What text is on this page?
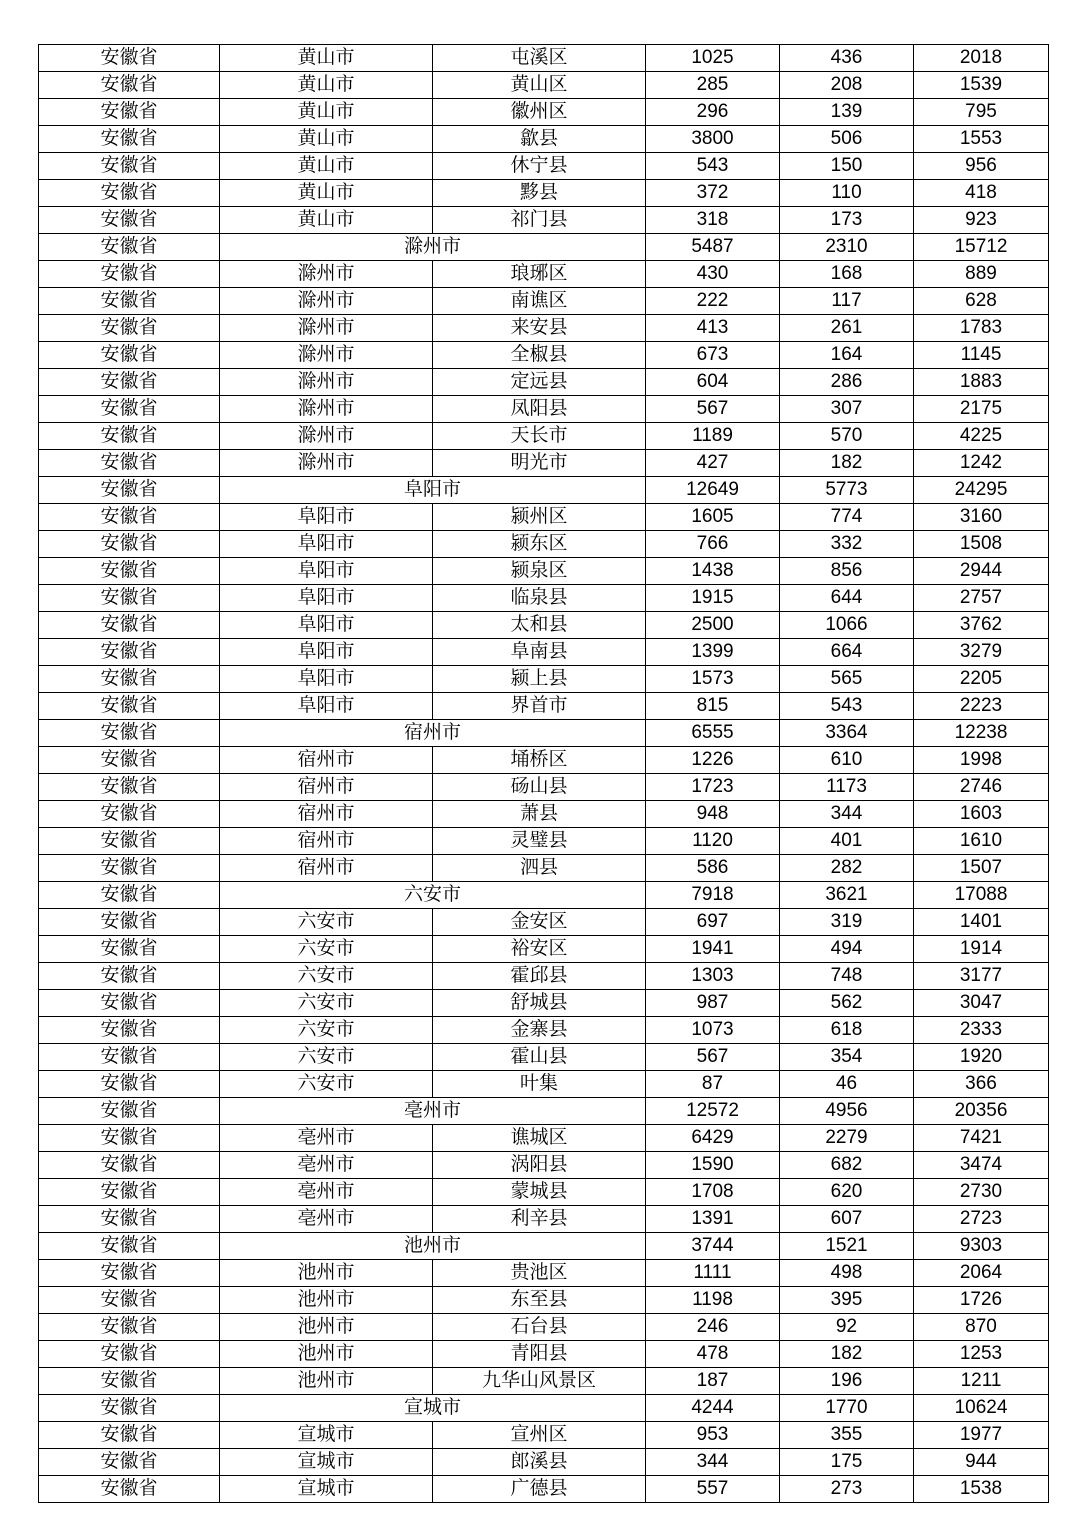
安徽省	黄山市	屯溪区	1025	436	2018
安徽省	黄山市	黄山区	285	208	1539
安徽省	黄山市	徽州区	296	139	795
安徽省	黄山市	歙县	3800	506	1553
安徽省	黄山市	休宁县	543	150	956
安徽省	黄山市	黟县	372	110	418
安徽省	黄山市	祁门县	318	173	923
安徽省	滁州市		5487	2310	15712
安徽省	滁州市	琅琊区	430	168	889
安徽省	滁州市	南谯区	222	117	628
安徽省	滁州市	来安县	413	261	1783
安徽省	滁州市	全椒县	673	164	1145
安徽省	滁州市	定远县	604	286	1883
安徽省	滁州市	凤阳县	567	307	2175
安徽省	滁州市	天长市	1189	570	4225
安徽省	滁州市	明光市	427	182	1242
安徽省	阜阳市		12649	5773	24295
安徽省	阜阳市	颍州区	1605	774	3160
安徽省	阜阳市	颍东区	766	332	1508
安徽省	阜阳市	颍泉区	1438	856	2944
安徽省	阜阳市	临泉县	1915	644	2757
安徽省	阜阳市	太和县	2500	1066	3762
安徽省	阜阳市	阜南县	1399	664	3279
安徽省	阜阳市	颍上县	1573	565	2205
安徽省	阜阳市	界首市	815	543	2223
安徽省	宿州市		6555	3364	12238
安徽省	宿州市	埇桥区	1226	610	1998
安徽省	宿州市	砀山县	1723	1173	2746
安徽省	宿州市	萧县	948	344	1603
安徽省	宿州市	灵璧县	1120	401	1610
安徽省	宿州市	泗县	586	282	1507
安徽省	六安市		7918	3621	17088
安徽省	六安市	金安区	697	319	1401
安徽省	六安市	裕安区	1941	494	1914
安徽省	六安市	霍邱县	1303	748	3177
安徽省	六安市	舒城县	987	562	3047
安徽省	六安市	金寨县	1073	618	2333
安徽省	六安市	霍山县	567	354	1920
安徽省	六安市	叶集	87	46	366
安徽省	亳州市		12572	4956	20356
安徽省	亳州市	谯城区	6429	2279	7421
安徽省	亳州市	涡阳县	1590	682	3474
安徽省	亳州市	蒙城县	1708	620	2730
安徽省	亳州市	利辛县	1391	607	2723
安徽省	池州市		3744	1521	9303
安徽省	池州市	贵池区	1111	498	2064
安徽省	池州市	东至县	1198	395	1726
安徽省	池州市	石台县	246	92	870
安徽省	池州市	青阳县	478	182	1253
安徽省	池州市	九华山风景区	187	196	1211
安徽省	宣城市		4244	1770	10624
安徽省	宣城市	宣州区	953	355	1977
安徽省	宣城市	郎溪县	344	175	944
安徽省	宣城市	广德县	557	273	1538
